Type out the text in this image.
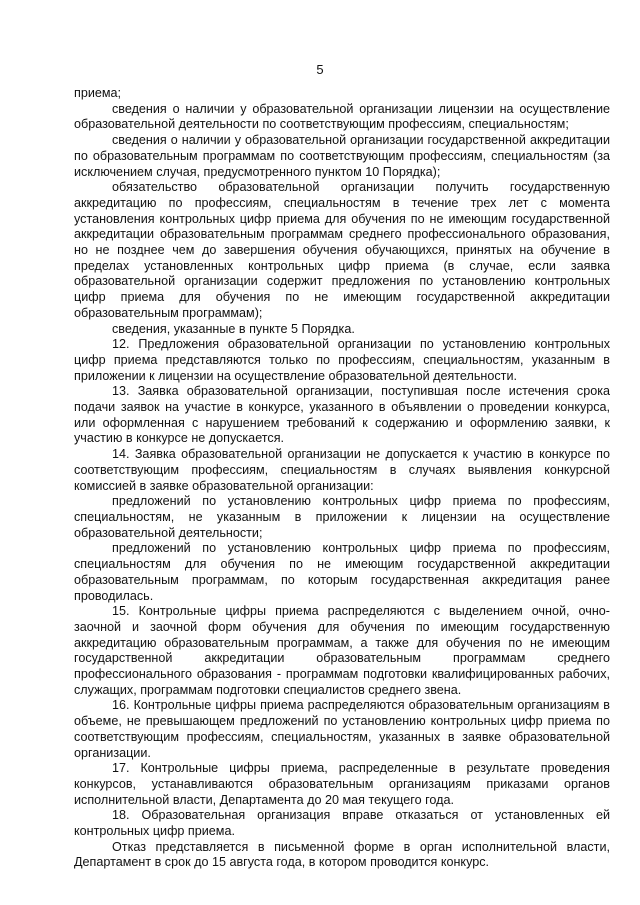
5

приема;

сведения о наличии у образовательной организации лицензии на осуществление образовательной деятельности по соответствующим профессиям, специальностям;

сведения о наличии у образовательной организации государственной аккредитации по образовательным программам по соответствующим профессиям, специальностям (за исключением случая, предусмотренного пунктом 10 Порядка);

обязательство образовательной организации получить государственную аккредитацию по профессиям, специальностям в течение трех лет с момента установления контрольных цифр приема для обучения по не имеющим государственной аккредитации образовательным программам среднего профессионального образования, но не позднее чем до завершения обучения обучающихся, принятых на обучение в пределах установленных контрольных цифр приема (в случае, если заявка образовательной организации содержит предложения по установлению контрольных цифр приема для обучения по не имеющим государственной аккредитации образовательным программам);

сведения, указанные в пункте 5 Порядка.

12. Предложения образовательной организации по установлению контрольных цифр приема представляются только по профессиям, специальностям, указанным в приложении к лицензии на осуществление образовательной деятельности.

13. Заявка образовательной организации, поступившая после истечения срока подачи заявок на участие в конкурсе, указанного в объявлении о проведении конкурса, или оформленная с нарушением требований к содержанию и оформлению заявки, к участию в конкурсе не допускается.

14. Заявка образовательной организации не допускается к участию в конкурсе по соответствующим профессиям, специальностям в случаях выявления конкурсной комиссией в заявке образовательной организации:

предложений по установлению контрольных цифр приема по профессиям, специальностям, не указанным в приложении к лицензии на осуществление образовательной деятельности;

предложений по установлению контрольных цифр приема по профессиям, специальностям для обучения по не имеющим государственной аккредитации образовательным программам, по которым государственная аккредитация ранее проводилась.

15. Контрольные цифры приема распределяются с выделением очной, очно-заочной и заочной форм обучения для обучения по имеющим государственную аккредитацию образовательным программам, а также для обучения по не имеющим государственной аккредитации образовательным программам среднего профессионального образования - программам подготовки квалифицированных рабочих, служащих, программам подготовки специалистов среднего звена.

16. Контрольные цифры приема распределяются образовательным организациям в объеме, не превышающем предложений по установлению контрольных цифр приема по соответствующим профессиям, специальностям, указанных в заявке образовательной организации.

17. Контрольные цифры приема, распределенные в результате проведения конкурсов, устанавливаются образовательным организациям приказами органов исполнительной власти, Департамента до 20 мая текущего года.

18. Образовательная организация вправе отказаться от установленных ей контрольных цифр приема.

Отказ представляется в письменной форме в орган исполнительной власти, Департамент в срок до 15 августа года, в котором проводится конкурс.
